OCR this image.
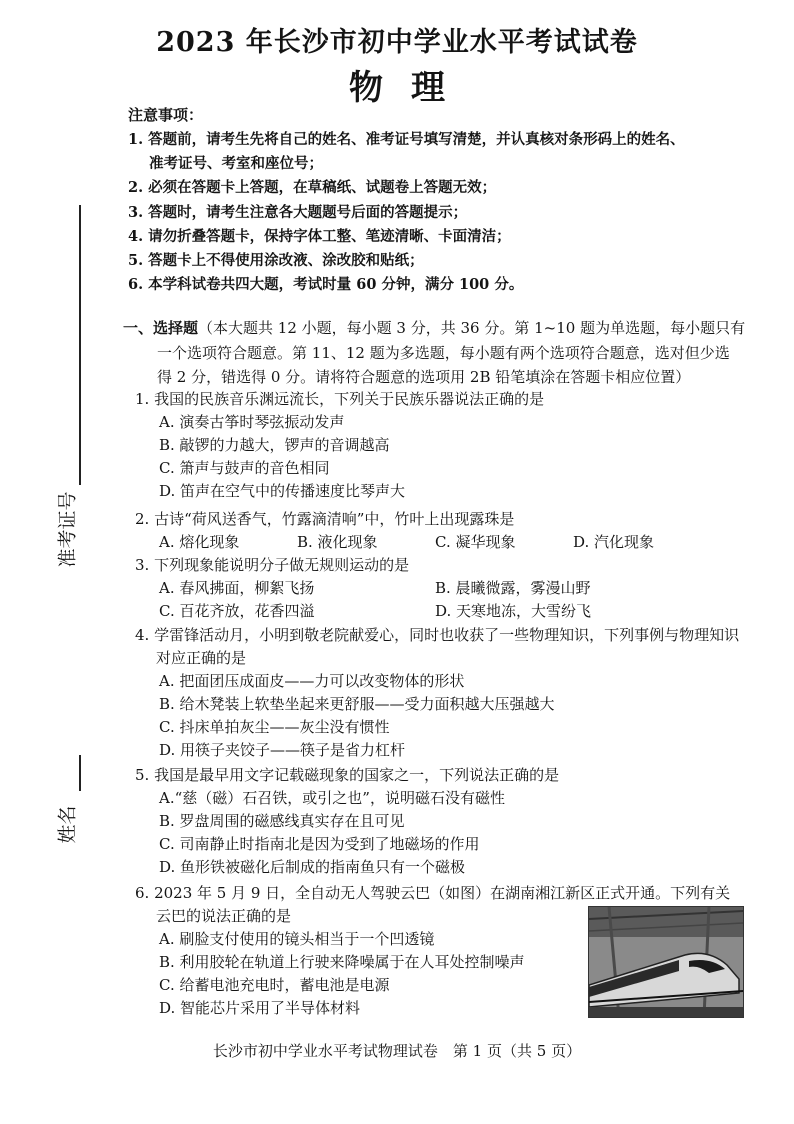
2023 年长沙市初中学业水平考试试卷
物理
注意事项：
1. 答题前，请考生先将自己的姓名、准考证号填写清楚，并认真核对条形码上的姓名、
准考证号、考室和座位号；
2. 必须在答题卡上答题，在草稿纸、试题卷上答题无效；
3. 答题时，请考生注意各大题题号后面的答题提示；
4. 请勿折叠答题卡，保持字体工整、笔迹清晰、卡面清洁；
5. 答题卡上不得使用涂改液、涂改胶和贴纸；
6. 本学科试卷共四大题，考试时量 60 分钟，满分 100 分。
一、选择题（本大题共 12 小题，每小题 3 分，共 36 分。第 1~10 题为单选题，每小题只有
一个选项符合题意。第 11、12 题为多选题，每小题有两个选项符合题意，选对但少选
得 2 分，错选得 0 分。请将符合题意的选项用 2B 铅笔填涂在答题卡相应位置）
1. 我国的民族音乐渊远流长，下列关于民族乐器说法正确的是
A. 演奏古筝时琴弦振动发声
B. 敲锣的力越大，锣声的音调越高
C. 箫声与鼓声的音色相同
D. 笛声在空气中的传播速度比琴声大
2. 古诗“荷风送香气，竹露滴清响”中，竹叶上出现露珠是
A. 熔化现象	B. 液化现象	C. 凝华现象	D. 汽化现象
3. 下列现象能说明分子做无规则运动的是
A. 春风拂面，柳絮飞扬	B. 晨曦微露，雾漫山野
C. 百花齐放，花香四溢	D. 天寒地冻，大雪纷飞
4. 学雷锋活动月，小明到敬老院献爱心，同时也收获了一些物理知识，下列事例与物理知识
对应正确的是
A. 把面团压成面皮——力可以改变物体的形状
B. 给木凳装上软垫坐起来更舒服——受力面积越大压强越大
C. 抖床单拍灰尘——灰尘没有惯性
D. 用筷子夹饺子——筷子是省力杠杆
5. 我国是最早用文字记载磁现象的国家之一，下列说法正确的是
A.“慈（磁）石召铁，或引之也”，说明磁石没有磁性
B. 罗盘周围的磁感线真实存在且可见
C. 司南静止时指南北是因为受到了地磁场的作用
D. 鱼形铁被磁化后制成的指南鱼只有一个磁极
6. 2023 年 5 月 9 日，全自动无人驾驶云巴（如图）在湖南湘江新区正式开通。下列有关
云巴的说法正确的是
A. 刷脸支付使用的镜头相当于一个凹透镜
B. 利用胶轮在轨道上行驶来降噪属于在人耳处控制噪声
C. 给蓄电池充电时，蓄电池是电源
D. 智能芯片采用了半导体材料
准考证号
姓名
长沙市初中学业水平考试物理试卷　第 1 页（共 5 页）
